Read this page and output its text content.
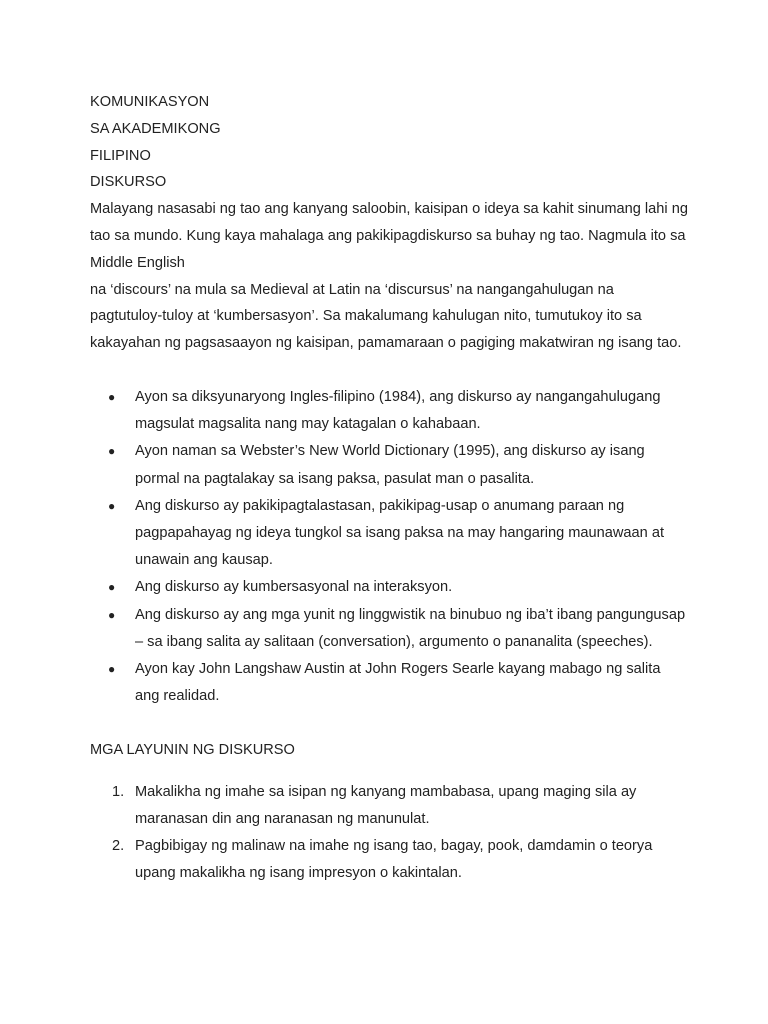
KOMUNIKASYON

SA AKADEMIKONG

FILIPINO

DISKURSO

Malayang nasasabi ng tao ang kanyang saloobin, kaisipan o ideya sa kahit sinumang lahi ng tao sa mundo. Kung kaya mahalaga ang pakikipagdiskurso sa buhay ng tao. Nagmula ito sa Middle English

na ‘discours’ na mula sa Medieval at Latin na ‘discursus’ na nangangahulugan na pagtutuloy-tuloy at ‘kumbersasyon’. Sa makalumang kahulugan nito, tumutukoy ito sa kakayahan ng pagsasaayon ng kaisipan, pamamaraan o pagiging makatwiran ng isang tao.

● Ayon sa diksyunaryong Ingles-filipino (1984), ang diskurso ay nangangahulugang magsulat magsalita nang may katagalan o kahabaan.
● Ayon naman sa Webster’s New World Dictionary (1995), ang diskurso ay isang pormal na pagtalakay sa isang paksa, pasulat man o pasalita.
● Ang diskurso ay pakikipagtalastasan, pakikipag-usap o anumang paraan ng pagpapahayag ng ideya tungkol sa isang paksa na may hangaring maunawaan at unawain ang kausap.
● Ang diskurso ay kumbersasyonal na interaksyon.
● Ang diskurso ay ang mga yunit ng linggwistik na binubuo ng iba’t ibang pangungusap – sa ibang salita ay salitaan (conversation), argumento o pananalita (speeches).
● Ayon kay John Langshaw Austin at John Rogers Searle kayang mabago ng salita ang realidad.

MGA LAYUNIN NG DISKURSO

1. Makalikha ng imahe sa isipan ng kanyang mambabasa, upang maging sila ay maranasan din ang naranasan ng manunulat.
2. Pagbibigay ng malinaw na imahe ng isang tao, bagay, pook, damdamin o teorya upang makalikha ng isang impresyon o kakintalan.
